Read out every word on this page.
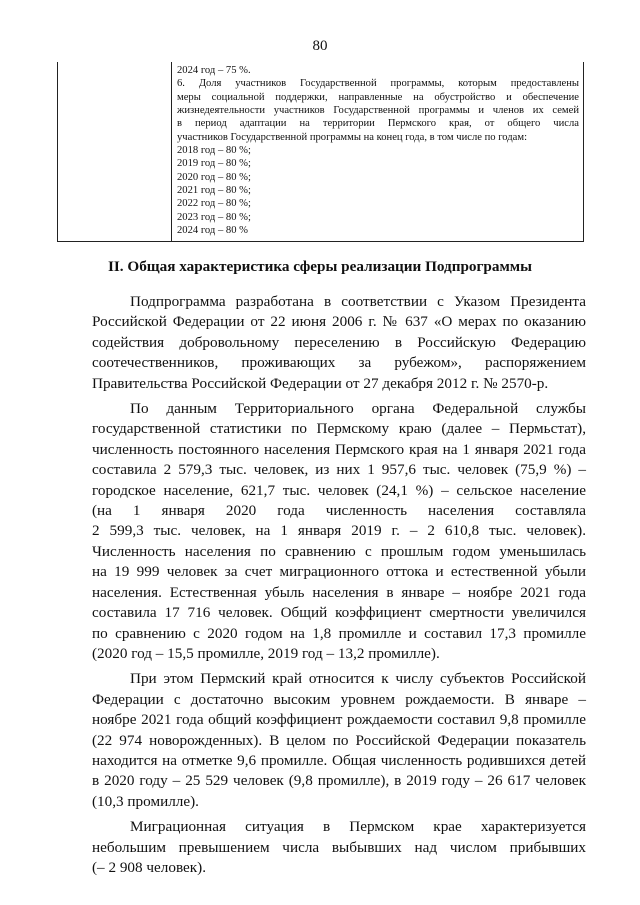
80
2024 год – 75 %.
6. Доля участников Государственной программы, которым предоставлены
меры социальной поддержки, направленные на обустройство и обеспечение
жизнедеятельности участников Государственной программы и членов их семей
в период адаптации на территории Пермского края, от общего числа
участников Государственной программы на конец года, в том числе по годам:
2018 год – 80 %;
2019 год – 80 %;
2020 год – 80 %;
2021 год – 80 %;
2022 год – 80 %;
2023 год – 80 %;
2024 год – 80 %
II. Общая характеристика сферы реализации Подпрограммы
Подпрограмма разработана в соответствии с Указом Президента
Российской Федерации от 22 июня 2006 г. № 637 «О мерах по оказанию
содействия добровольному переселению в Российскую Федерацию
соотечественников, проживающих за рубежом», распоряжением
Правительства Российской Федерации от 27 декабря 2012 г. № 2570-р.
По данным Территориального органа Федеральной службы
государственной статистики по Пермскому краю (далее – Пермьстат),
численность постоянного населения Пермского края на 1 января 2021 года
составила 2 579,3 тыс. человек, из них 1 957,6 тыс. человек (75,9 %) –
городское население, 621,7 тыс. человек (24,1 %) – сельское население
(на 1 января 2020 года численность населения составляла
2 599,3 тыс. человек, на 1 января 2019 г. – 2 610,8 тыс. человек).
Численность населения по сравнению с прошлым годом уменьшилась
на 19 999 человек за счет миграционного оттока и естественной убыли
населения. Естественная убыль населения в январе – ноябре 2021 года
составила 17 716 человек. Общий коэффициент смертности увеличился
по сравнению с 2020 годом на 1,8 промилле и составил 17,3 промилле
(2020 год – 15,5 промилле, 2019 год – 13,2 промилле).
При этом Пермский край относится к числу субъектов Российской
Федерации с достаточно высоким уровнем рождаемости. В январе –
ноябре 2021 года общий коэффициент рождаемости составил 9,8 промилле
(22 974 новорожденных). В целом по Российской Федерации показатель
находится на отметке 9,6 промилле. Общая численность родившихся детей
в 2020 году – 25 529 человек (9,8 промилле), в 2019 году – 26 617 человек
(10,3 промилле).
Миграционная ситуация в Пермском крае характеризуется
небольшим превышением числа выбывших над числом прибывших
(– 2 908 человек).
